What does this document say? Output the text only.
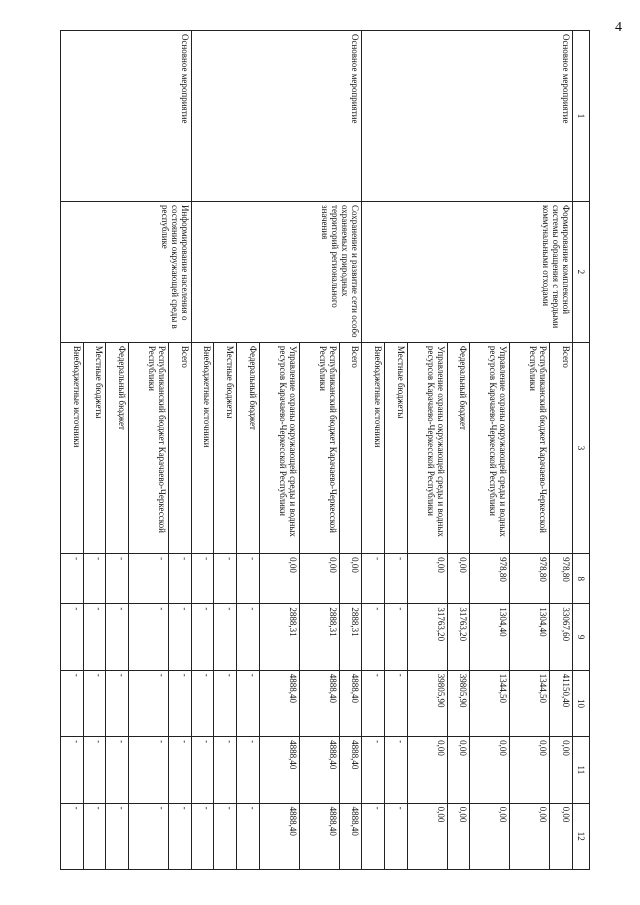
4
1	2	3	8	9	10	11	12
Основное мероприятие	Формирование комплексной системы обращения с твердыми коммунальными отходами	Всего	978,80	33067,60	41150,40	0,00	0,00
		Республиканский бюджет Карачаево-Черкесской Республики	978,80	1304,40	1344,50	0,00	0,00
		Управление охраны окружающей среды и водных ресурсов Карачаево-Черкесской Республики	978,80	1304,40	1344,50	0,00	0,00
		Федеральный бюджет	0,00	31763,20	39805,90	0,00	0,00
		Управление охраны окружающей среды и водных ресурсов Карачаево-Черкесской Республики	0,00	31763,20	39805,90	0,00	0,00
		Местные бюджеты	-	-	-	-	-
		Внебюджетные источники	-	-	-	-	-
Основное мероприятие	Сохранение и развитие сети особо охраняемых природных территорий регионального значения	Всего	0,00	2888,31	4888,40	4888,40	4888,40
		Республиканский бюджет Карачаево-Черкесской Республики	0,00	2888,31	4888,40	4888,40	4888,40
		Управление охраны окружающей среды и водных ресурсов Карачаево-Черкесской Республики	0,00	2888,31	4888,40	4888,40	4888,40
		Федеральный бюджет	-	-	-	-	-
		Местные бюджеты	-	-	-	-	-
		Внебюджетные источники	-	-	-	-	-
Основное мероприятие	Информирование населения о состоянии окружающей среды в республике	Всего	-	-	-	-	-
		Республиканский бюджет Карачаево-Черкесской Республики	-	-	-	-	-
		Федеральный бюджет	-	-	-	-	-
		Местные бюджеты	-	-	-	-	-
		Внебюджетные источники	-	-	-	-	-
